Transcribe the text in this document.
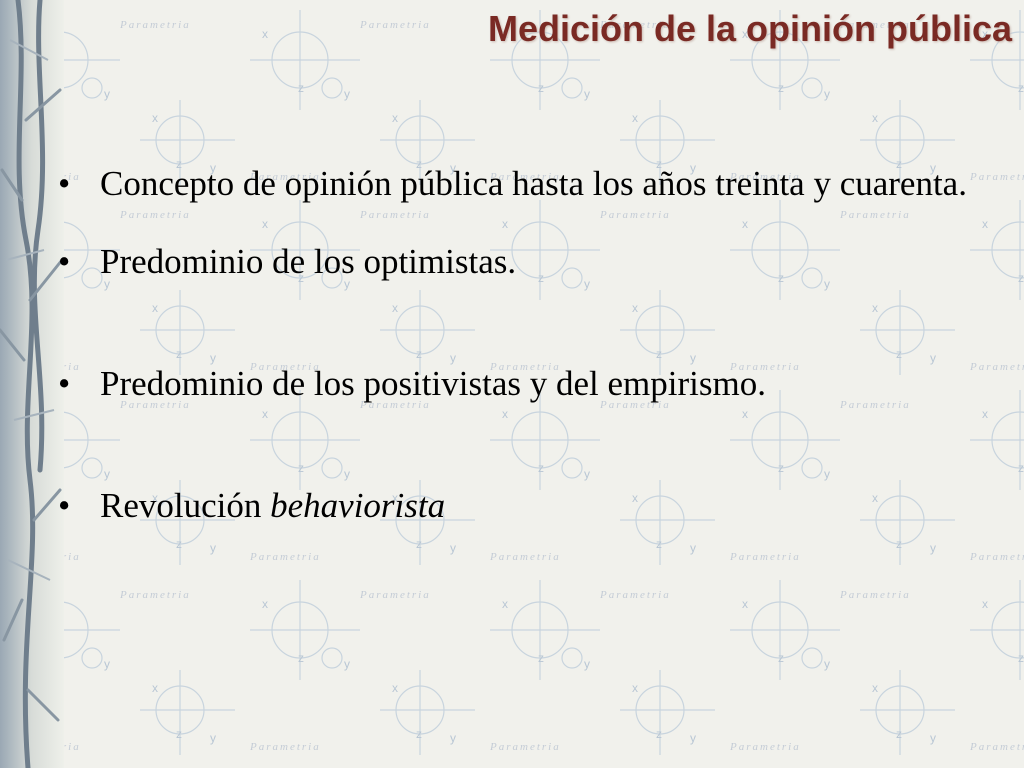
Medición de la opinión pública
• Concepto de opinión pública hasta los años treinta y cuarenta.
• Predominio de los optimistas.
• Predominio de los positivistas y del empirismo.
• Revolución behaviorista
